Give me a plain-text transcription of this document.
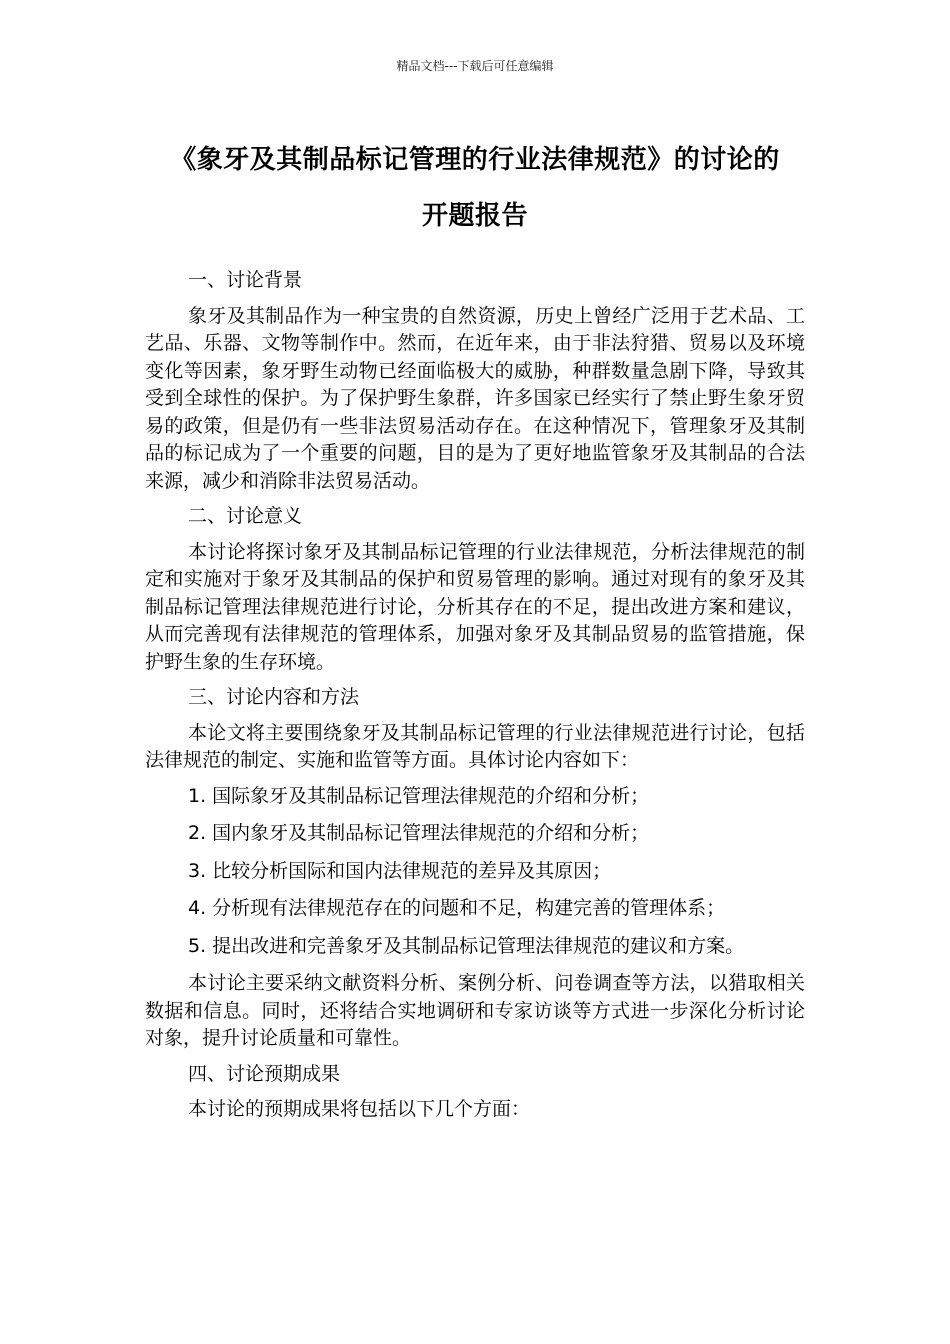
精品文档---下载后可任意编辑
《象牙及其制品标记管理的行业法律规范》的讨论的
开题报告

一、讨论背景

象牙及其制品作为一种宝贵的自然资源，历史上曾经广泛用于艺术品、工艺品、乐器、文物等制作中。然而，在近年来，由于非法狩猎、贸易以及环境变化等因素，象牙野生动物已经面临极大的威胁，种群数量急剧下降，导致其受到全球性的保护。为了保护野生象群，许多国家已经实行了禁止野生象牙贸易的政策，但是仍有一些非法贸易活动存在。在这种情况下，管理象牙及其制品的标记成为了一个重要的问题，目的是为了更好地监管象牙及其制品的合法来源，减少和消除非法贸易活动。

二、讨论意义

本讨论将探讨象牙及其制品标记管理的行业法律规范，分析法律规范的制定和实施对于象牙及其制品的保护和贸易管理的影响。通过对现有的象牙及其制品标记管理法律规范进行讨论，分析其存在的不足，提出改进方案和建议，从而完善现有法律规范的管理体系，加强对象牙及其制品贸易的监管措施，保护野生象的生存环境。

三、讨论内容和方法

本论文将主要围绕象牙及其制品标记管理的行业法律规范进行讨论，包括法律规范的制定、实施和监管等方面。具体讨论内容如下：

1. 国际象牙及其制品标记管理法律规范的介绍和分析；

2. 国内象牙及其制品标记管理法律规范的介绍和分析；

3. 比较分析国际和国内法律规范的差异及其原因；

4. 分析现有法律规范存在的问题和不足，构建完善的管理体系；

5. 提出改进和完善象牙及其制品标记管理法律规范的建议和方案。

本讨论主要采纳文献资料分析、案例分析、问卷调查等方法，以猎取相关数据和信息。同时，还将结合实地调研和专家访谈等方式进一步深化分析讨论对象，提升讨论质量和可靠性。

四、讨论预期成果

本讨论的预期成果将包括以下几个方面：
